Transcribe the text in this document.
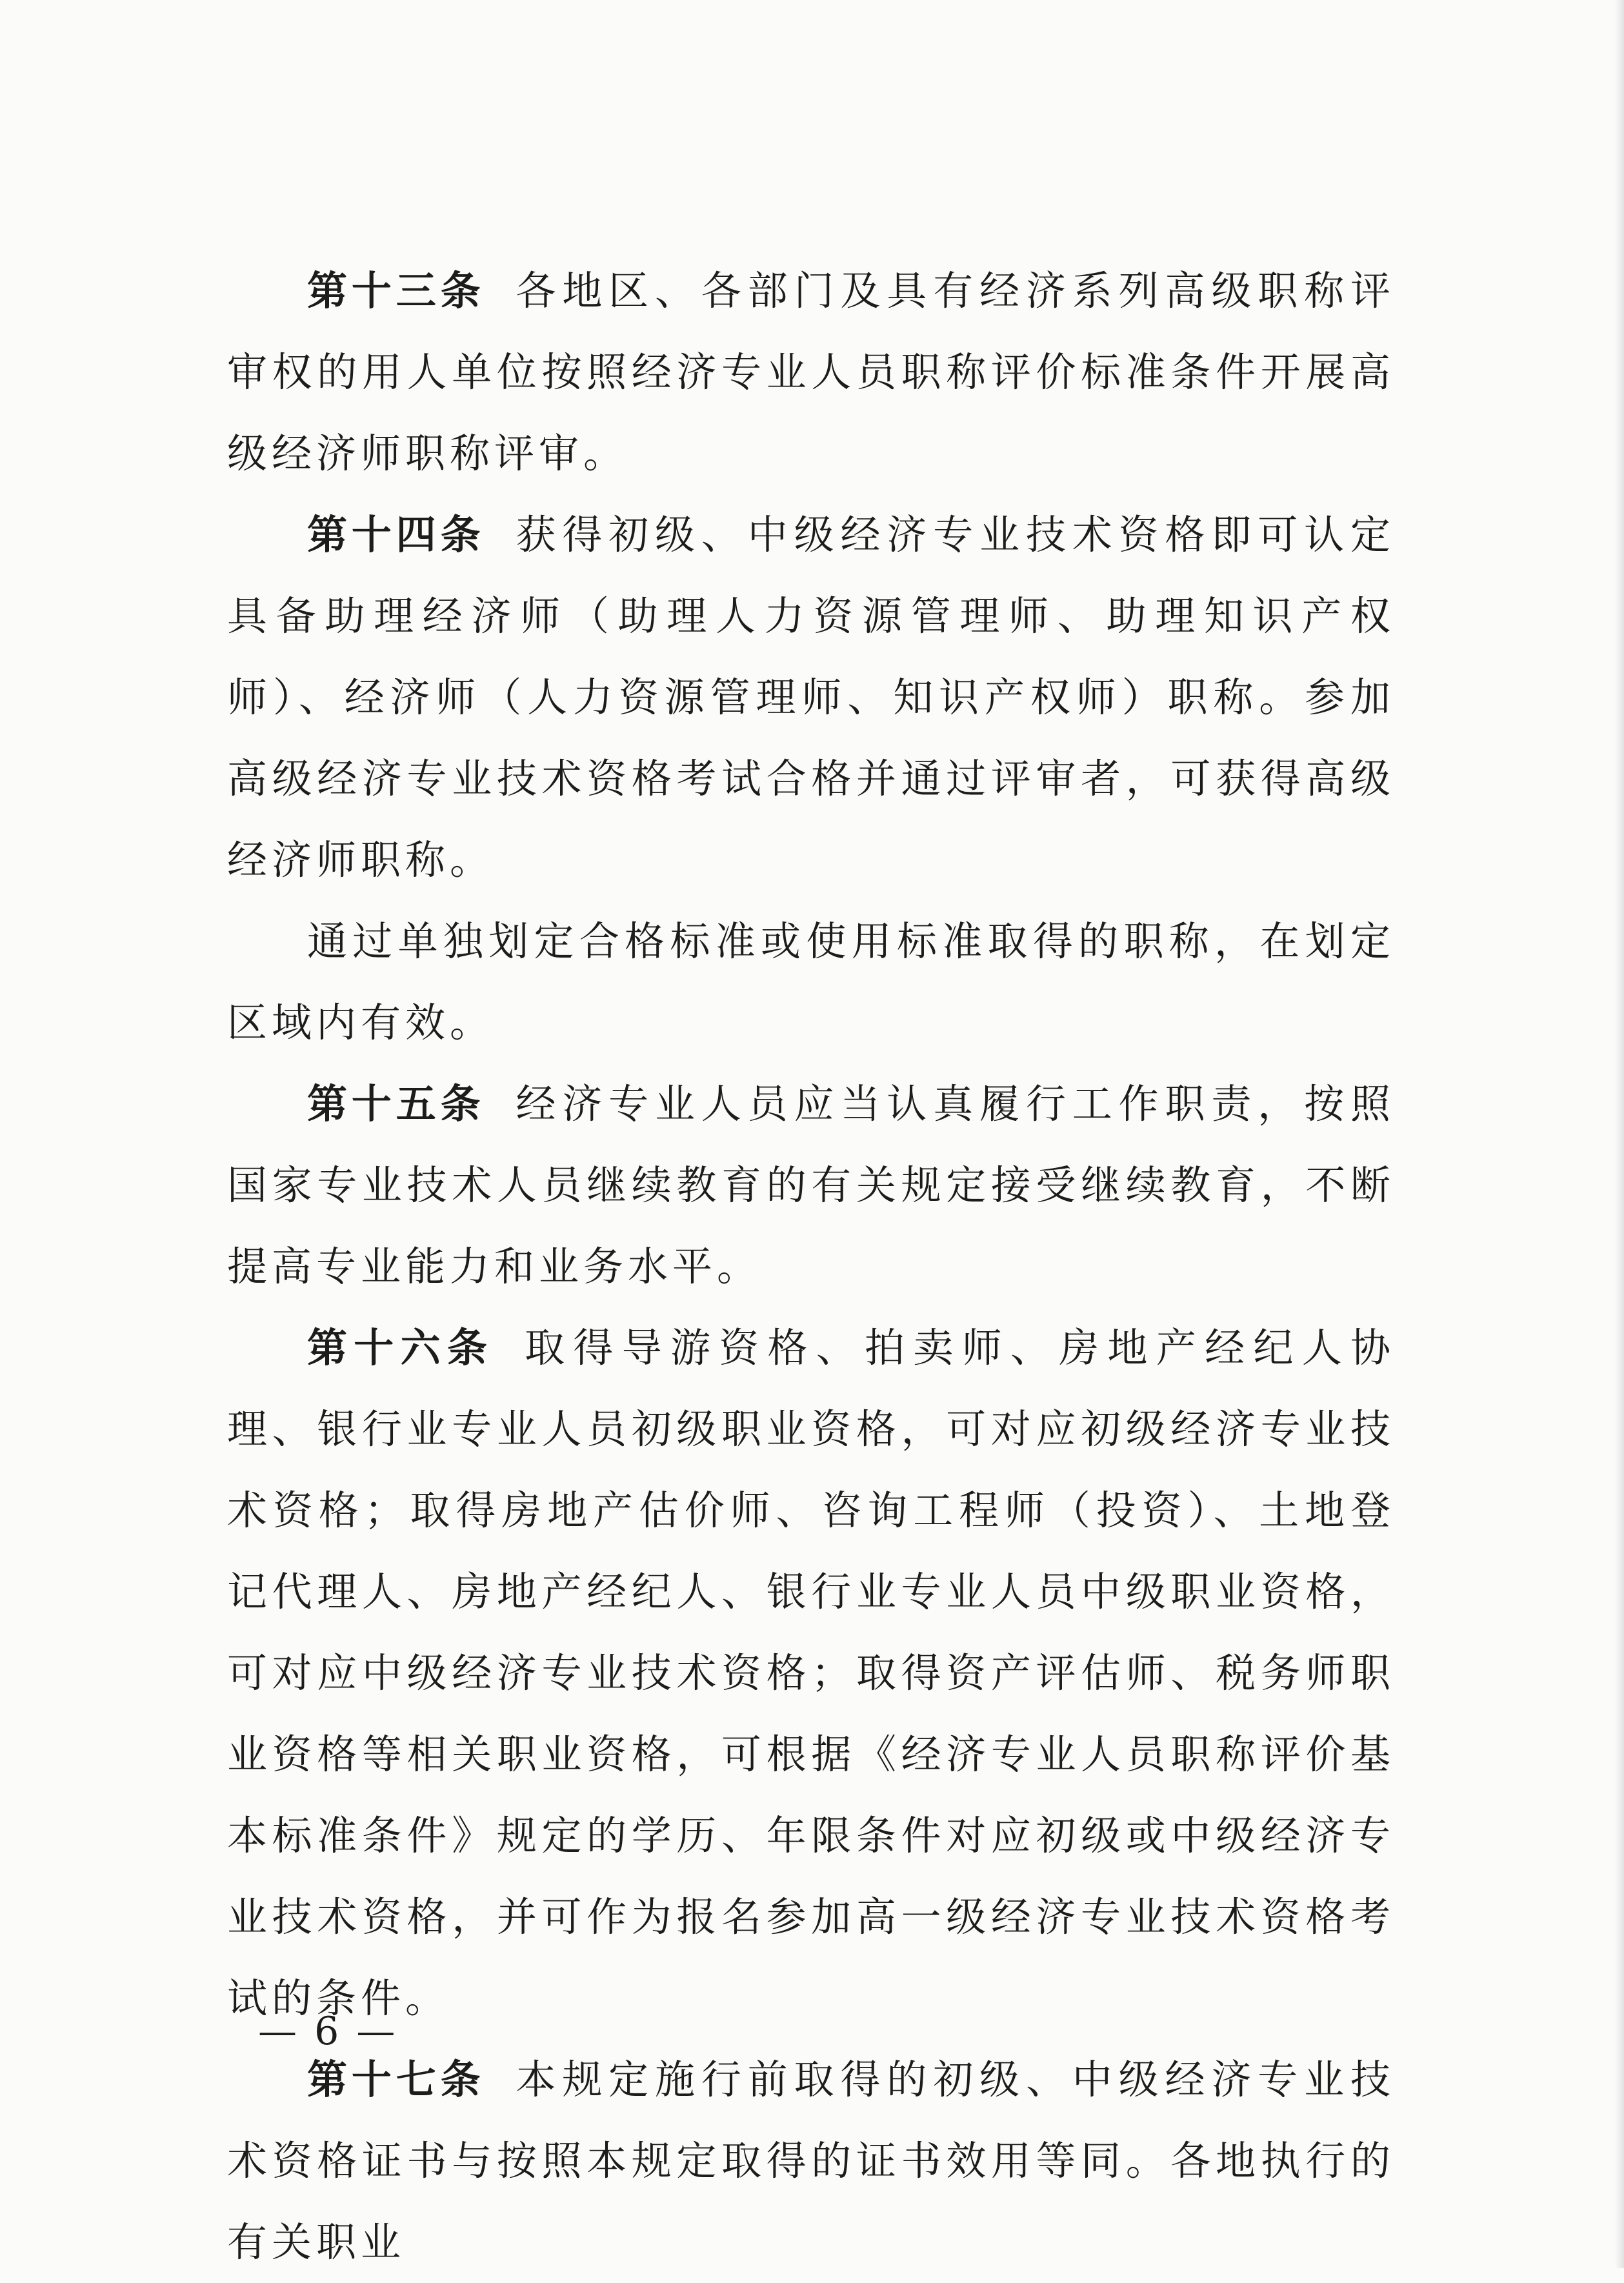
第十三条 各地区、各部门及具有经济系列高级职称评审权的用人单位按照经济专业人员职称评价标准条件开展高级经济师职称评审。

第十四条 获得初级、中级经济专业技术资格即可认定具备助理经济师（助理人力资源管理师、助理知识产权师）、经济师（人力资源管理师、知识产权师）职称。参加高级经济专业技术资格考试合格并通过评审者，可获得高级经济师职称。

通过单独划定合格标准或使用标准取得的职称，在划定区域内有效。

第十五条 经济专业人员应当认真履行工作职责，按照国家专业技术人员继续教育的有关规定接受继续教育，不断提高专业能力和业务水平。

第十六条 取得导游资格、拍卖师、房地产经纪人协理、银行业专业人员初级职业资格，可对应初级经济专业技术资格；取得房地产估价师、咨询工程师（投资）、土地登记代理人、房地产经纪人、银行业专业人员中级职业资格，可对应中级经济专业技术资格；取得资产评估师、税务师职业资格等相关职业资格，可根据《经济专业人员职称评价基本标准条件》规定的学历、年限条件对应初级或中级经济专业技术资格，并可作为报名参加高一级经济专业技术资格考试的条件。

第十七条 本规定施行前取得的初级、中级经济专业技术资格证书与按照本规定取得的证书效用等同。各地执行的有关职业

— 6 —
